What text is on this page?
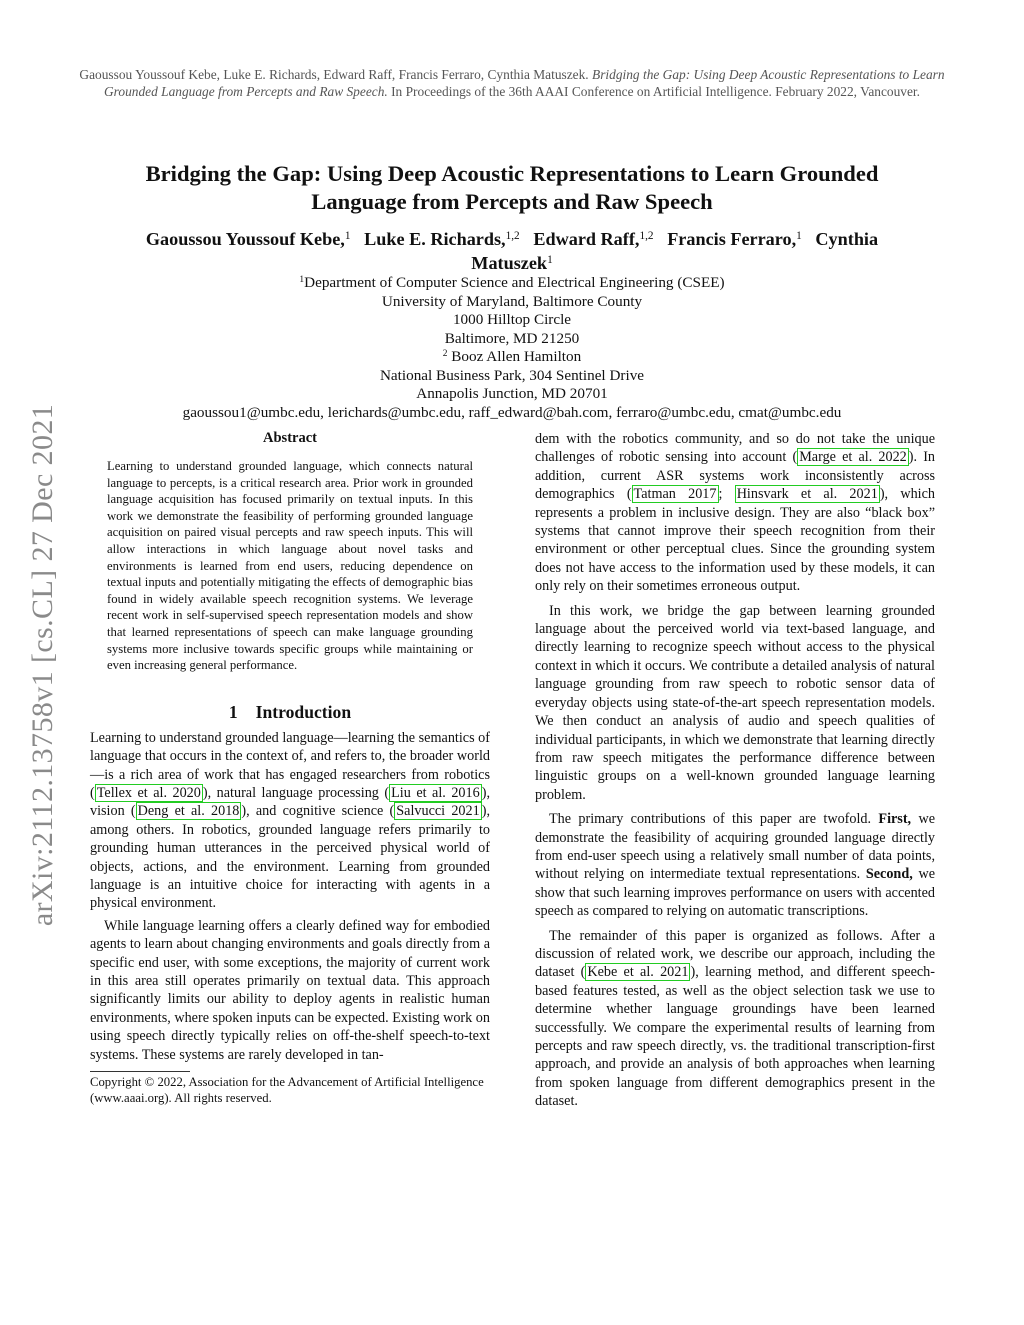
Gaoussou Youssouf Kebe, Luke E. Richards, Edward Raff, Francis Ferraro, Cynthia Matuszek. Bridging the Gap: Using Deep Acoustic Representations to Learn Grounded Language from Percepts and Raw Speech. In Proceedings of the 36th AAAI Conference on Artificial Intelligence. February 2022, Vancouver.
arXiv:2112.13758v1 [cs.CL] 27 Dec 2021
Bridging the Gap: Using Deep Acoustic Representations to Learn Grounded
Language from Percepts and Raw Speech
Gaoussou Youssouf Kebe,$^1$ Luke E. Richards,$^{1,2}$ Edward Raff,$^{1,2}$ Francis Ferraro,$^1$ Cynthia Matuszek$^1$
$^1$Department of Computer Science and Electrical Engineering (CSEE)
University of Maryland, Baltimore County
1000 Hilltop Circle
Baltimore, MD 21250
$^2$ Booz Allen Hamilton
National Business Park, 304 Sentinel Drive
Annapolis Junction, MD 20701
gaoussou1@umbc.edu, lerichards@umbc.edu, raff_edward@bah.com, ferraro@umbc.edu, cmat@umbc.edu
Abstract
Learning to understand grounded language, which connects natural language to percepts, is a critical research area. Prior work in grounded language acquisition has focused primarily on textual inputs. In this work we demonstrate the feasibility of performing grounded language acquisition on paired visual percepts and raw speech inputs. This will allow interactions in which language about novel tasks and environments is learned from end users, reducing dependence on textual inputs and potentially mitigating the effects of demographic bias found in widely available speech recognition systems. We leverage recent work in self-supervised speech representation models and show that learned representations of speech can make language grounding systems more inclusive towards specific groups while maintaining or even increasing general performance.
1 Introduction

Learning to understand grounded language—learning the semantics of language that occurs in the context of, and refers to, the broader world—is a rich area of work that has engaged researchers from robotics ( Tellex et al. 2020 ), natural language processing ( Liu et al. 2016 ), vision ( Deng et al. 2018 ), and cognitive science ( Salvucci 2021 ), among others. In robotics, grounded language refers primarily to grounding human utterances in the perceived physical world of objects, actions, and the environment. Learning from grounded language is an intuitive choice for interacting with agents in a physical environment.

While language learning offers a clearly defined way for embodied agents to learn about changing environments and goals directly from a specific end user, with some exceptions, the majority of current work in this area still operates primarily on textual data. This approach significantly limits our ability to deploy agents in realistic human environments, where spoken inputs can be expected. Existing work on using speech directly typically relies on off-the-shelf speech-to-text systems. These systems are rarely developed in tan-

Copyright © 2022, Association for the Advancement of Artificial Intelligence (www.aaai.org). All rights reserved.

dem with the robotics community, and so do not take the unique challenges of robotic sensing into account ( Marge et al. 2022 ). In addition, current ASR systems work inconsistently across demographics ( Tatman 2017 ; Hinsvark et al. 2021 ), which represents a problem in inclusive design. They are also “black box” systems that cannot improve their speech recognition from their environment or other perceptual clues. Since the grounding system does not have access to the information used by these models, it can only rely on their sometimes erroneous output.

In this work, we bridge the gap between learning grounded language about the perceived world via text-based language, and directly learning to recognize speech without access to the physical context in which it occurs. We contribute a detailed analysis of natural language grounding from raw speech to robotic sensor data of everyday objects using state-of-the-art speech representation models. We then conduct an analysis of audio and speech qualities of individual participants, in which we demonstrate that learning directly from raw speech mitigates the performance difference between linguistic groups on a well-known grounded language learning problem.

The primary contributions of this paper are twofold. First, we demonstrate the feasibility of acquiring grounded language directly from end-user speech using a relatively small number of data points, without relying on intermediate textual representations. Second, we show that such learning improves performance on users with accented speech as compared to relying on automatic transcriptions.

The remainder of this paper is organized as follows. After a discussion of related work, we describe our approach, including the dataset ( Kebe et al. 2021 ), learning method, and different speech-based features tested, as well as the object selection task we use to determine whether language groundings have been learned successfully. We compare the experimental results of learning from percepts and raw speech directly, vs. the traditional transcription-first approach, and provide an analysis of both approaches when learning from spoken language from different demographics present in the dataset.
